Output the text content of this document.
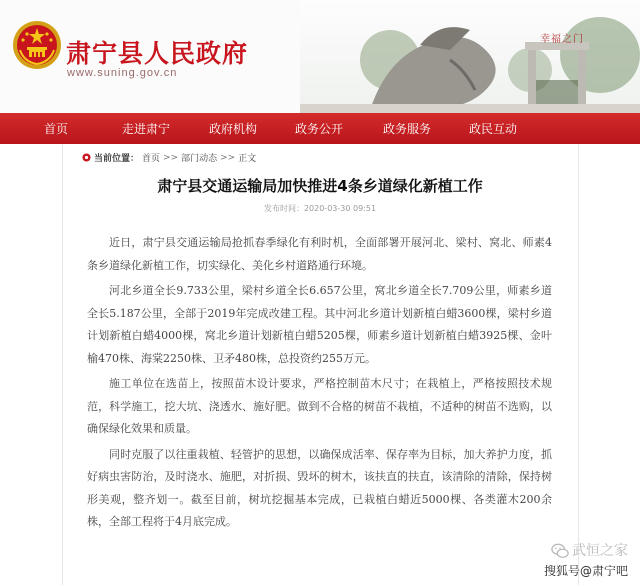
肃宁县人民政府
www.suning.gov.cn
幸福之门
首页	走进肃宁	政府机构	政务公开	政务服务	政民互动
当前位置： 首页 >> 部门动态 >> 正文
肃宁县交通运输局加快推进4条乡道绿化新植工作
发布时间：2020-03-30 09:51

近日，肃宁县交通运输局抢抓春季绿化有利时机，全面部署开展河北、梁村、窝北、师素4条乡道绿化新植工作，切实绿化、美化乡村道路通行环境。

河北乡道全长9.733公里，梁村乡道全长6.657公里，窝北乡道全长7.709公里，师素乡道全长5.187公里，全部于2019年完成改建工程。其中河北乡道计划新植白蜡3600棵，梁村乡道计划新植白蜡4000棵，窝北乡道计划新植白蜡5205棵，师素乡道计划新植白蜡3925棵、金叶榆470株、海棠2250株、卫矛480株，总投资约255万元。

施工单位在选苗上，按照苗木设计要求，严格控制苗木尺寸；在栽植上，严格按照技术规范，科学施工，挖大坑、浇透水、施好肥。做到不合格的树苗不栽植，不适种的树苗不选购，以确保绿化效果和质量。

同时克服了以往重栽植、轻管护的思想，以确保成活率、保存率为目标，加大养护力度，抓好病虫害防治，及时浇水、施肥，对折损、毁坏的树木，该扶直的扶直，该清除的清除，保持树形美观，整齐划一。截至目前，树坑挖掘基本完成，已栽植白蜡近5000棵、各类灌木200余株，全部工程将于4月底完成。

武恒之家
搜狐号@肃宁吧
